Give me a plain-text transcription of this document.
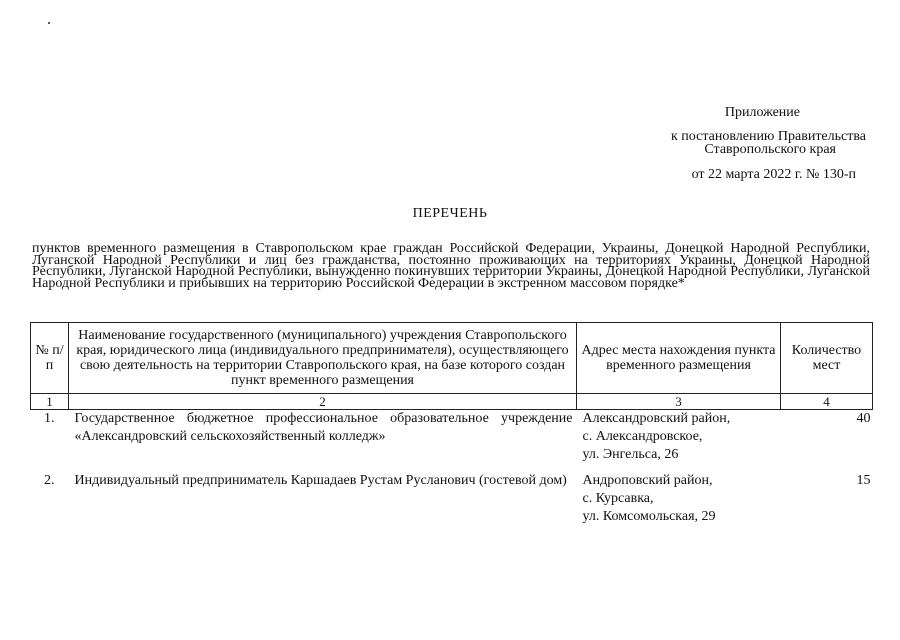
Приложение
к постановлению Правительства
Ставропольского края
от 22 марта 2022 г. № 130-п
ПЕРЕЧЕНЬ
пунктов временного размещения в Ставропольском крае граждан Российской Федерации, Украины, Донецкой Народной Республики, Луганской Народной Республики и лиц без гражданства, постоянно проживающих на территориях Украины, Донецкой Народной Республики, Луганской Народной Республики, вынужденно покинувших территории Украины, Донецкой Народной Республики, Луганской Народной Республики и прибывших на территорию Российской Федерации в экстренном массовом порядке*
№ п/п	Наименование государственного (муниципального) учреждения Ставропольского края, юридического лица (индивидуального предпринимателя), осуществляющего свою деятельность на территории Ставропольского края, на базе которого создан пункт временного размещения	Адрес места нахождения пункта временного размещения	Количество мест
1	2	3	4
1.	Государственное бюджетное профессиональное образовательное учреждение «Александровский сельскохозяйственный колледж»	Александровский район,
с. Александровское,
ул. Энгельса, 26	40
2.	Индивидуальный предприниматель Каршадаев Рустам Русланович (гостевой дом)	Андроповский район,
с. Курсавка,
ул. Комсомольская, 29	15
